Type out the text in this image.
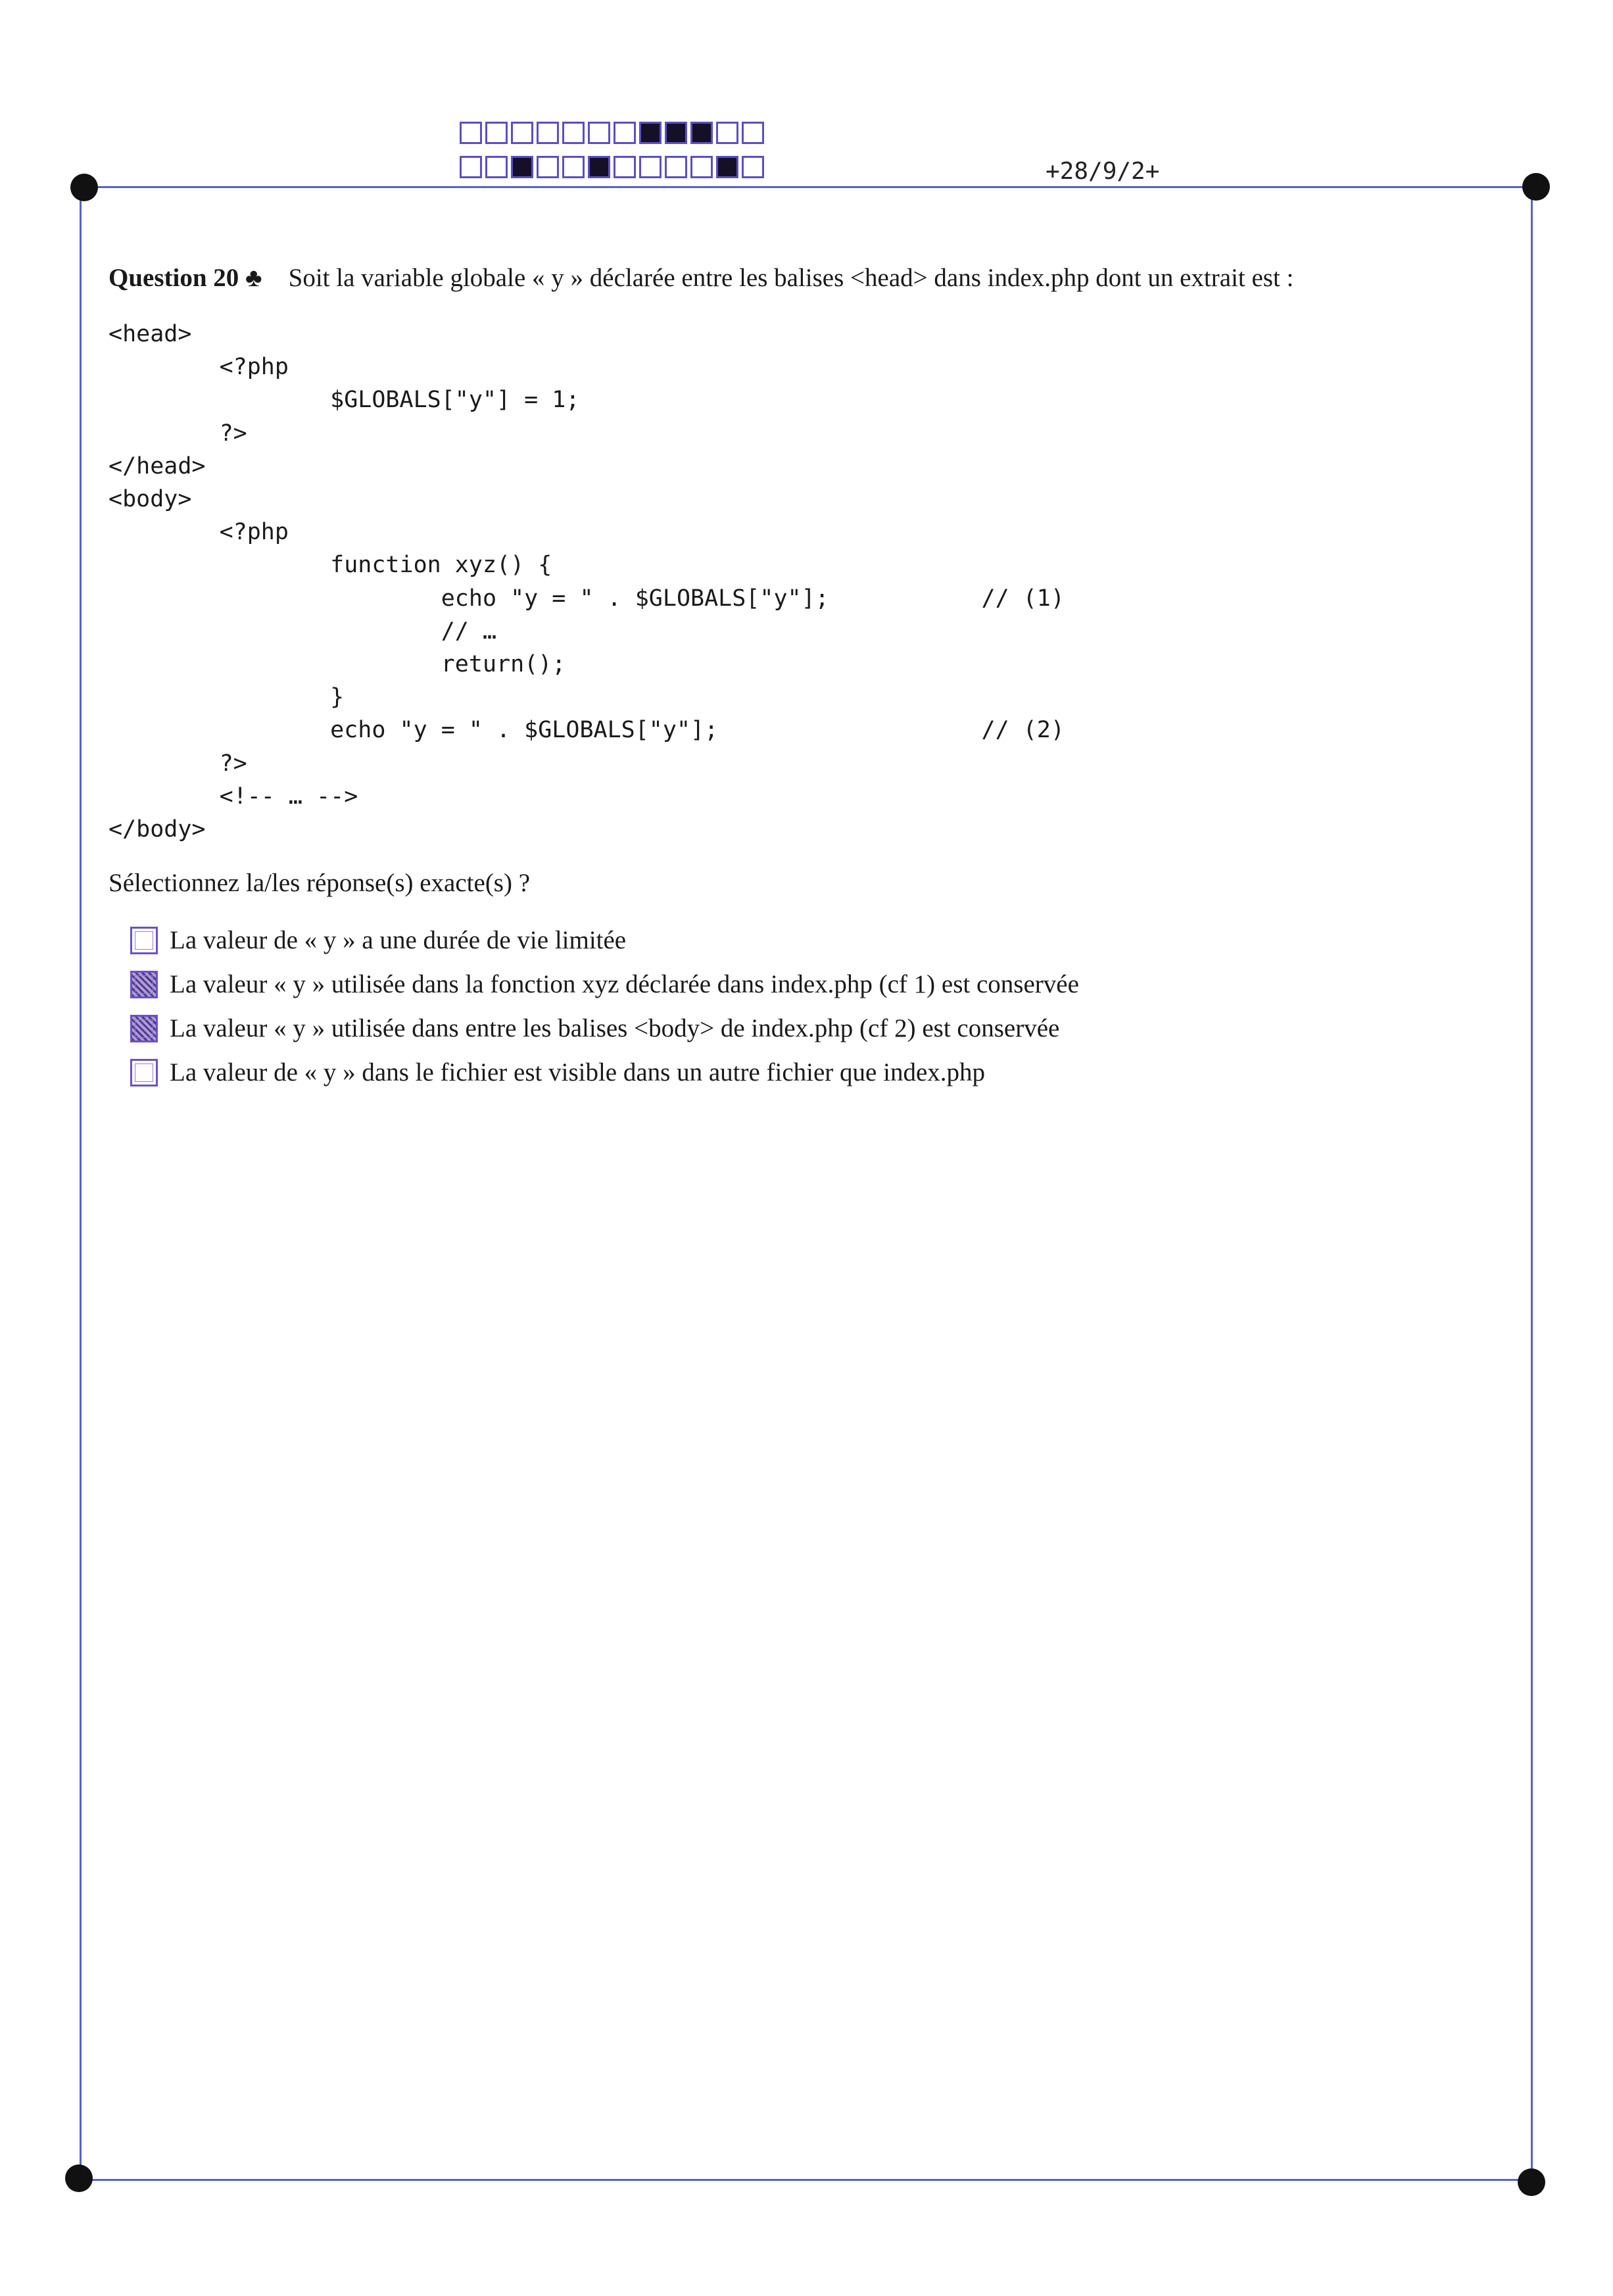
+28/9/2+
Question 20 ♣ Soit la variable globale « y » déclarée entre les balises <head> dans index.php dont un extrait est :
<head>
<?php
$GLOBALS["y"] = 1;
?>
</head>
<body>
<?php
function xyz() {
echo "y = " . $GLOBALS["y"];           // (1)
// …
return();
}
echo "y = " . $GLOBALS["y"];                   // (2)
?>
<!-- … -->
</body>
Sélectionnez la/les réponse(s) exacte(s) ?
La valeur de « y » a une durée de vie limitée
La valeur « y » utilisée dans la fonction xyz déclarée dans index.php (cf 1) est conservée
La valeur « y » utilisée dans entre les balises <body> de index.php (cf 2) est conservée
La valeur de « y » dans le fichier est visible dans un autre fichier que index.php
